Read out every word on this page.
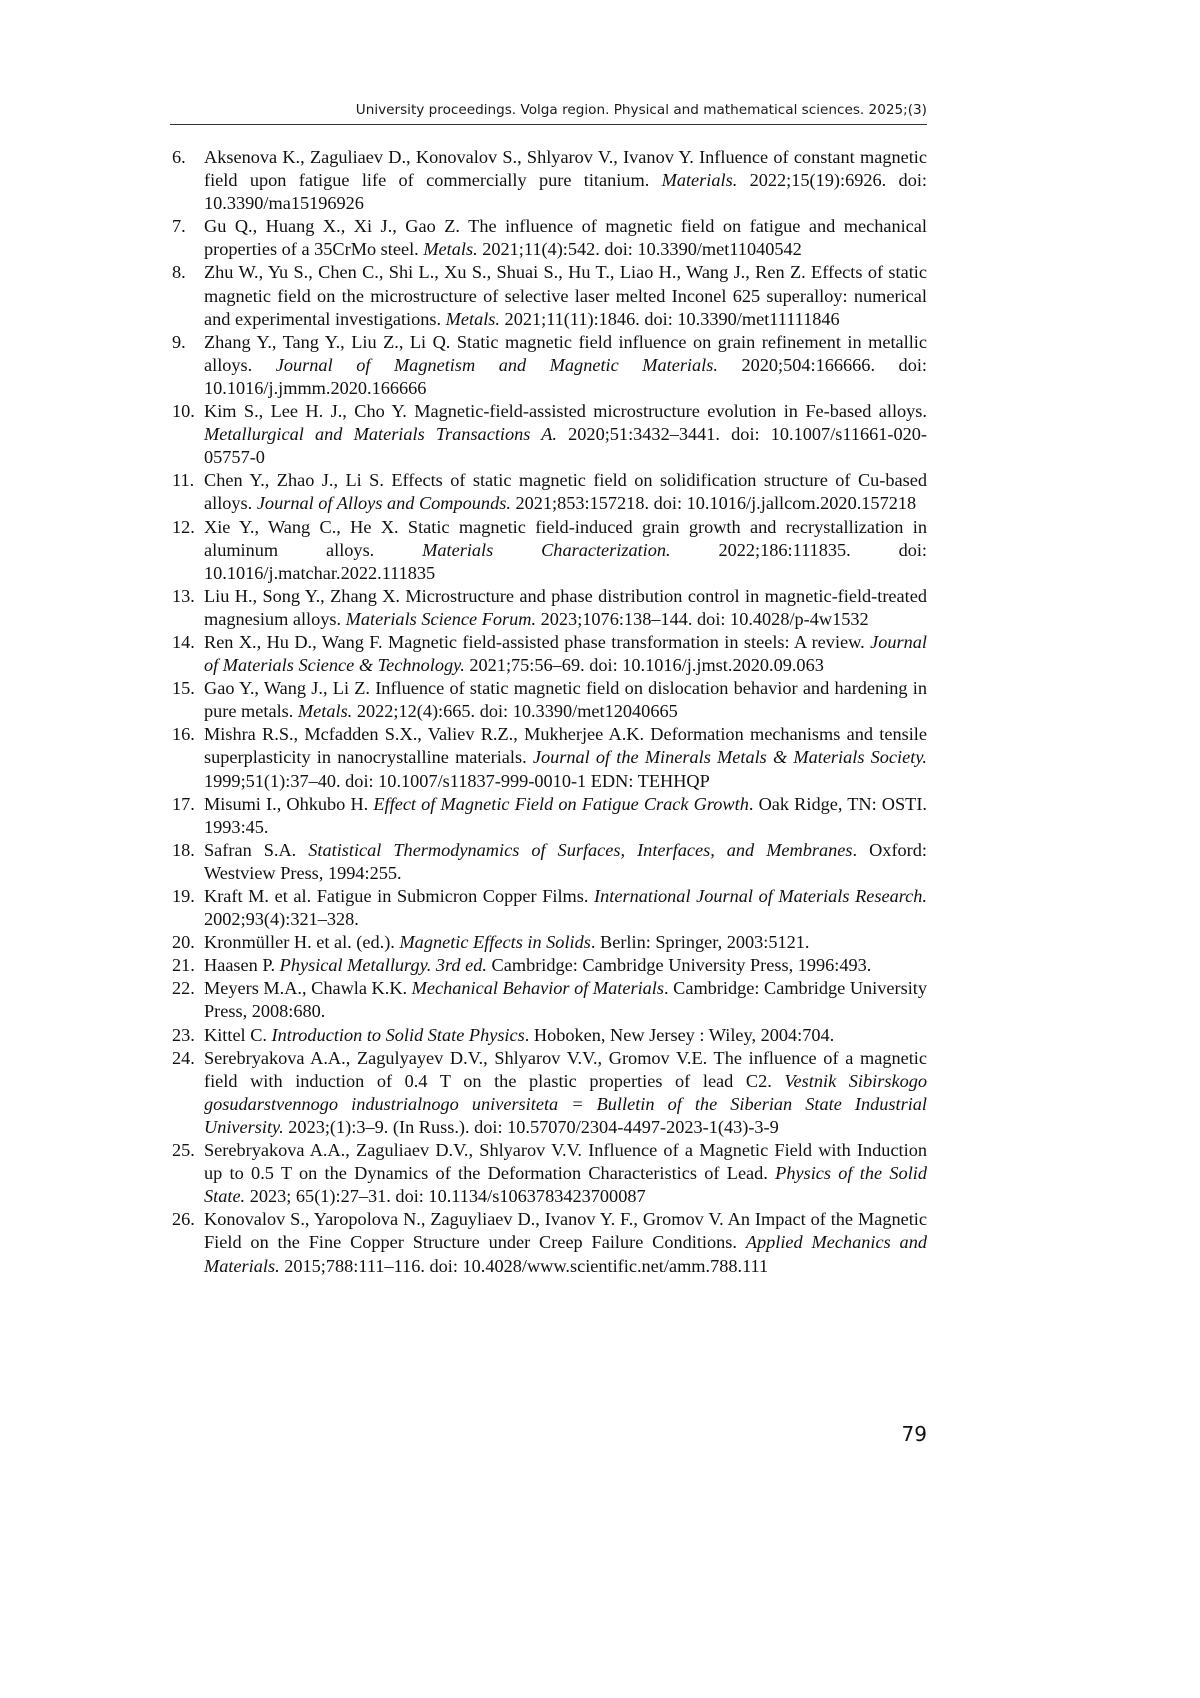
University proceedings. Volga region. Physical and mathematical sciences. 2025;(3)
6. Aksenova K., Zaguliaev D., Konovalov S., Shlyarov V., Ivanov Y. Influence of constant magnetic field upon fatigue life of commercially pure titanium. Materials. 2022;15(19):6926. doi: 10.3390/ma15196926
7. Gu Q., Huang X., Xi J., Gao Z. The influence of magnetic field on fatigue and mechanical properties of a 35CrMo steel. Metals. 2021;11(4):542. doi: 10.3390/met11040542
8. Zhu W., Yu S., Chen C., Shi L., Xu S., Shuai S., Hu T., Liao H., Wang J., Ren Z. Effects of static magnetic field on the microstructure of selective laser melted Inconel 625 superalloy: numerical and experimental investigations. Metals. 2021;11(11):1846. doi: 10.3390/met11111846
9. Zhang Y., Tang Y., Liu Z., Li Q. Static magnetic field influence on grain refinement in metallic alloys. Journal of Magnetism and Magnetic Materials. 2020;504:166666. doi: 10.1016/j.jmmm.2020.166666
10. Kim S., Lee H. J., Cho Y. Magnetic-field-assisted microstructure evolution in Fe-based alloys. Metallurgical and Materials Transactions A. 2020;51:3432–3441. doi: 10.1007/s11661-020-05757-0
11. Chen Y., Zhao J., Li S. Effects of static magnetic field on solidification structure of Cu-based alloys. Journal of Alloys and Compounds. 2021;853:157218. doi: 10.1016/j.jallcom.2020.157218
12. Xie Y., Wang C., He X. Static magnetic field-induced grain growth and recrystallization in aluminum alloys. Materials Characterization. 2022;186:111835. doi: 10.1016/j.matchar.2022.111835
13. Liu H., Song Y., Zhang X. Microstructure and phase distribution control in magnetic-field-treated magnesium alloys. Materials Science Forum. 2023;1076:138–144. doi: 10.4028/p-4w1532
14. Ren X., Hu D., Wang F. Magnetic field-assisted phase transformation in steels: A review. Journal of Materials Science & Technology. 2021;75:56–69. doi: 10.1016/j.jmst.2020.09.063
15. Gao Y., Wang J., Li Z. Influence of static magnetic field on dislocation behavior and hardening in pure metals. Metals. 2022;12(4):665. doi: 10.3390/met12040665
16. Mishra R.S., Mcfadden S.X., Valiev R.Z., Mukherjee A.K. Deformation mechanisms and tensile superplasticity in nanocrystalline materials. Journal of the Minerals Metals & Materials Society. 1999;51(1):37–40. doi: 10.1007/s11837-999-0010-1 EDN: TEHHQP
17. Misumi I., Ohkubo H. Effect of Magnetic Field on Fatigue Crack Growth. Oak Ridge, TN: OSTI. 1993:45.
18. Safran S.A. Statistical Thermodynamics of Surfaces, Interfaces, and Membranes. Oxford: Westview Press, 1994:255.
19. Kraft M. et al. Fatigue in Submicron Copper Films. International Journal of Materials Research. 2002;93(4):321–328.
20. Kronmüller H. et al. (ed.). Magnetic Effects in Solids. Berlin: Springer, 2003:5121.
21. Haasen P. Physical Metallurgy. 3rd ed. Cambridge: Cambridge University Press, 1996:493.
22. Meyers M.A., Chawla K.K. Mechanical Behavior of Materials. Cambridge: Cambridge University Press, 2008:680.
23. Kittel C. Introduction to Solid State Physics. Hoboken, New Jersey : Wiley, 2004:704.
24. Serebryakova A.A., Zagulyayev D.V., Shlyarov V.V., Gromov V.E. The influence of a magnetic field with induction of 0.4 T on the plastic properties of lead C2. Vestnik Sibirskogo gosudarstvennogo industrialnogo universiteta = Bulletin of the Siberian State Industrial University. 2023;(1):3–9. (In Russ.). doi: 10.57070/2304-4497-2023-1(43)-3-9
25. Serebryakova A.A., Zaguliaev D.V., Shlyarov V.V. Influence of a Magnetic Field with Induction up to 0.5 T on the Dynamics of the Deformation Characteristics of Lead. Physics of the Solid State. 2023; 65(1):27–31. doi: 10.1134/s1063783423700087
26. Konovalov S., Yaropolova N., Zaguyliaev D., Ivanov Y. F., Gromov V. An Impact of the Magnetic Field on the Fine Copper Structure under Creep Failure Conditions. Applied Mechanics and Materials. 2015;788:111–116. doi: 10.4028/www.scientific.net/amm.788.111
79
